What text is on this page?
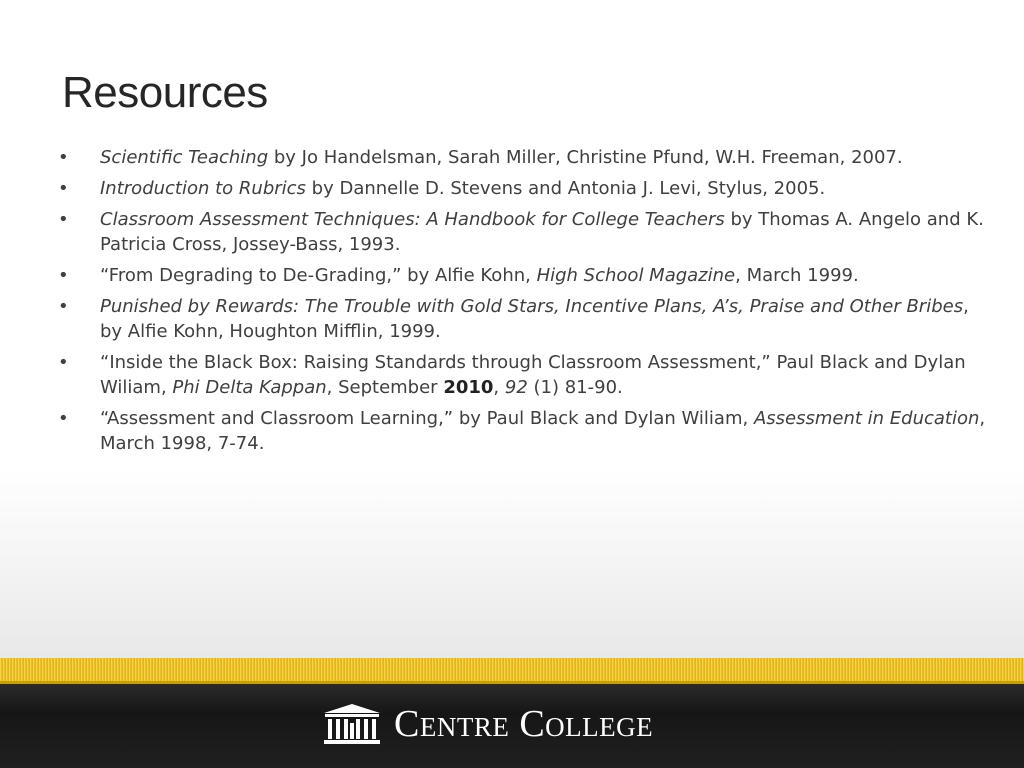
Resources
• Scientific Teaching by Jo Handelsman, Sarah Miller, Christine Pfund, W.H. Freeman, 2007.
• Introduction to Rubrics by Dannelle D. Stevens and Antonia J. Levi, Stylus, 2005.
• Classroom Assessment Techniques: A Handbook for College Teachers by Thomas A. Angelo and K. Patricia Cross, Jossey-Bass, 1993.
• “From Degrading to De-Grading,” by Alfie Kohn, High School Magazine, March 1999.
• Punished by Rewards: The Trouble with Gold Stars, Incentive Plans, A’s, Praise and Other Bribes, by Alfie Kohn, Houghton Mifflin, 1999.
• “Inside the Black Box: Raising Standards through Classroom Assessment,” Paul Black and Dylan Wiliam, Phi Delta Kappan, September 2010, 92 (1) 81-90.
• “Assessment and Classroom Learning,” by Paul Black and Dylan Wiliam, Assessment in Education, March 1998, 7-74.
Centre College
